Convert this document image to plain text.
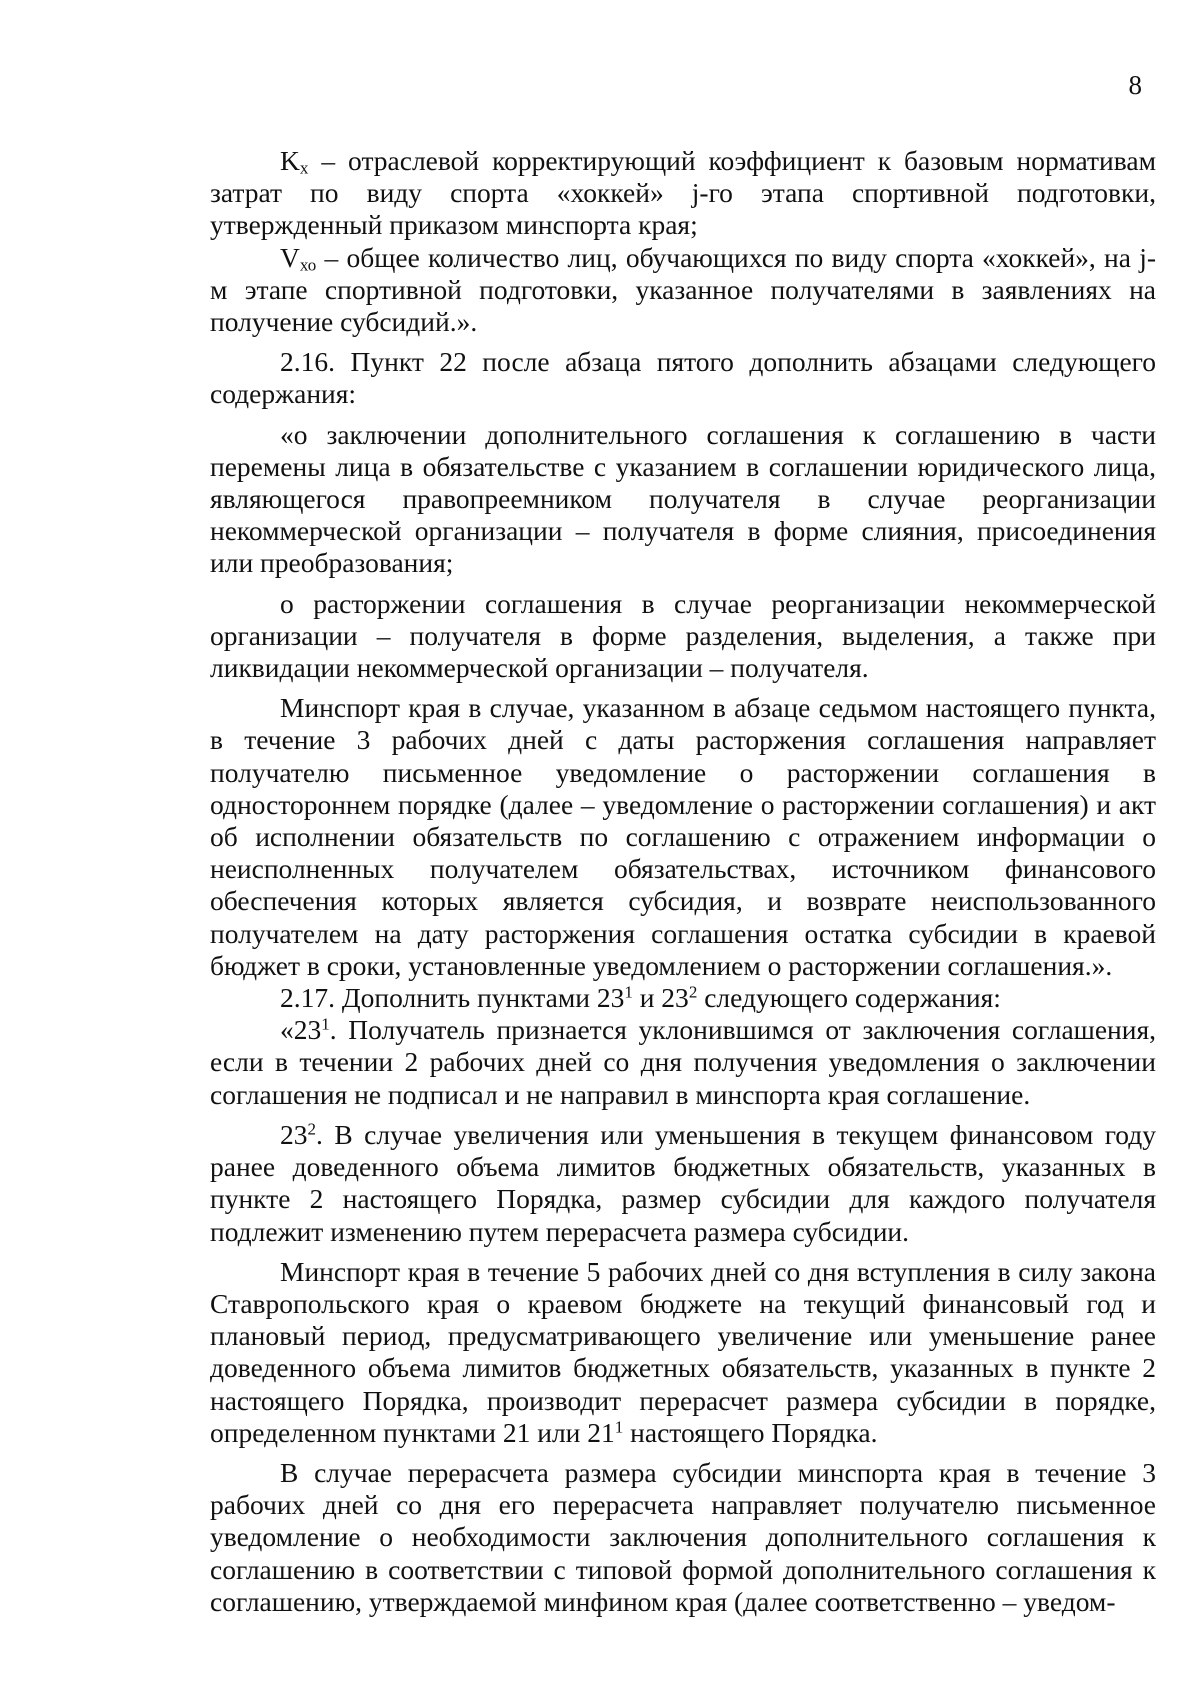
8

$K_х$ – отраслевой корректирующий коэффициент к базовым нормативам затрат по виду спорта «хоккей» j-го этапа спортивной подготовки, утвержденный приказом минспорта края;

$V_{хо}$ – общее количество лиц, обучающихся по виду спорта «хоккей», на j-м этапе спортивной подготовки, указанное получателями в заявлениях на получение субсидий.».

2.16. Пункт 22 после абзаца пятого дополнить абзацами следующего содержания:

«о заключении дополнительного соглашения к соглашению в части перемены лица в обязательстве с указанием в соглашении юридического лица, являющегося правопреемником получателя в случае реорганизации некоммерческой организации – получателя в форме слияния, присоединения или преобразования;

о расторжении соглашения в случае реорганизации некоммерческой организации – получателя в форме разделения, выделения, а также при ликвидации некоммерческой организации – получателя.

Минспорт края в случае, указанном в абзаце седьмом настоящего пункта, в течение 3 рабочих дней с даты расторжения соглашения направляет получателю письменное уведомление о расторжении соглашения в одностороннем порядке (далее – уведомление о расторжении соглашения) и акт об исполнении обязательств по соглашению с отражением информации о неисполненных получателем обязательствах, источником финансового обеспечения которых является субсидия, и возврате неиспользованного получателем на дату расторжения соглашения остатка субсидии в краевой бюджет в сроки, установленные уведомлением о расторжении соглашения.».

2.17. Дополнить пунктами $23^1$ и $23^2$ следующего содержания:

«$23^1$. Получатель признается уклонившимся от заключения соглашения, если в течении 2 рабочих дней со дня получения уведомления о заключении соглашения не подписал и не направил в минспорта края соглашение.

$23^2$. В случае увеличения или уменьшения в текущем финансовом году ранее доведенного объема лимитов бюджетных обязательств, указанных в пункте 2 настоящего Порядка, размер субсидии для каждого получателя подлежит изменению путем перерасчета размера субсидии.

Минспорт края в течение 5 рабочих дней со дня вступления в силу закона Ставропольского края о краевом бюджете на текущий финансовый год и плановый период, предусматривающего увеличение или уменьшение ранее доведенного объема лимитов бюджетных обязательств, указанных в пункте 2 настоящего Порядка, производит перерасчет размера субсидии в порядке, определенном пунктами 21 или $21^1$ настоящего Порядка.

В случае перерасчета размера субсидии минспорта края в течение 3 рабочих дней со дня его перерасчета направляет получателю письменное уведомление о необходимости заключения дополнительного соглашения к соглашению в соответствии с типовой формой дополнительного соглашения к соглашению, утверждаемой минфином края (далее соответственно – уведом-
